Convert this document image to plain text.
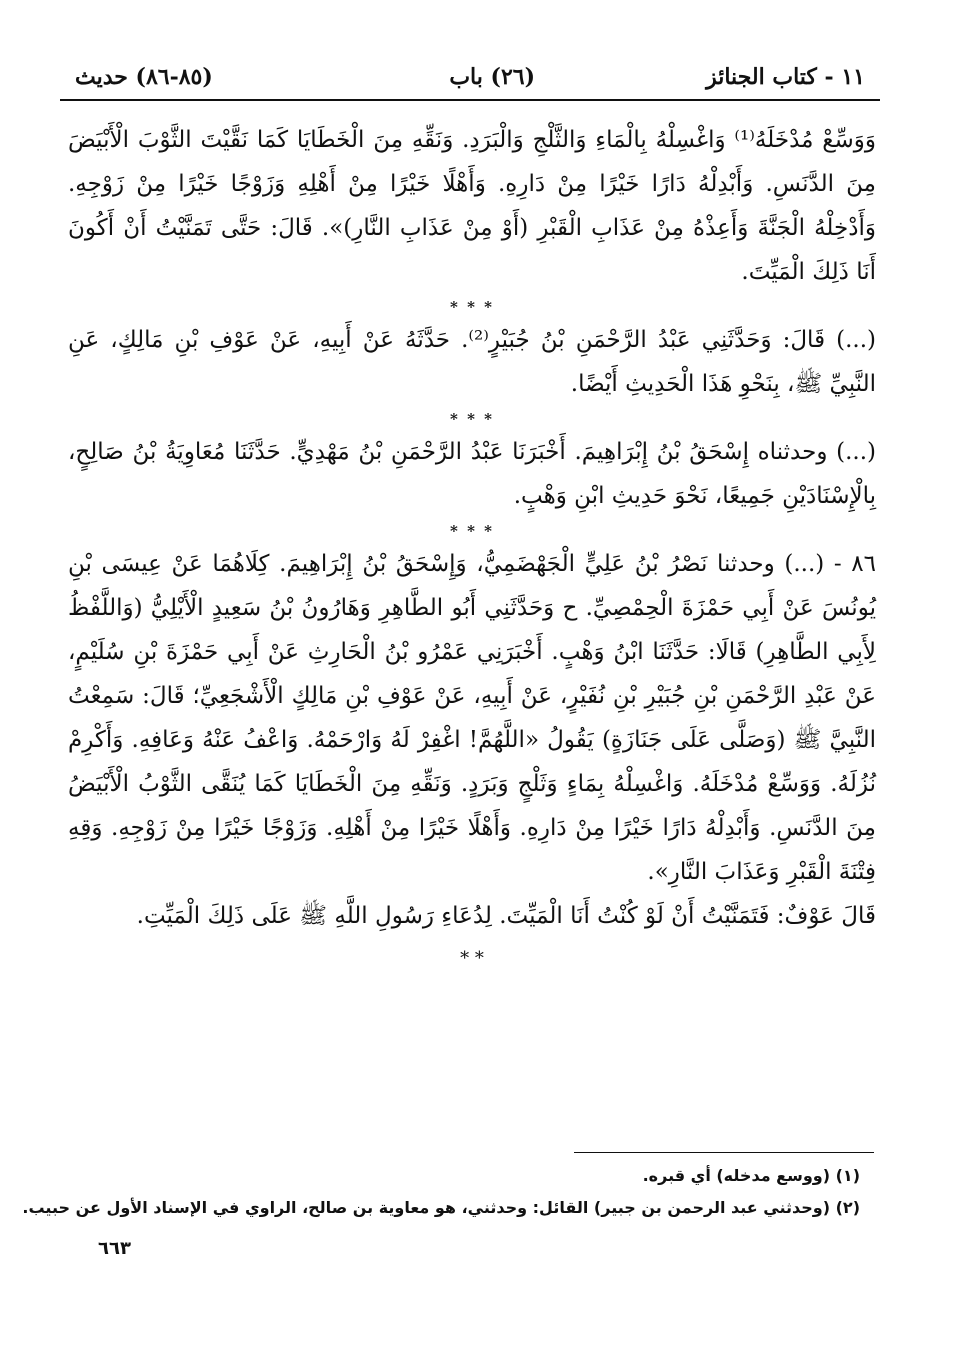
١١ - كتاب الجنائز
(٢٦) باب
(٨٥-٨٦) حديث

وَوَسِّعْ مُدْخَلَهُ⁽¹⁾ وَاغْسِلْهُ بِالْمَاءِ وَالثَّلْجِ وَالْبَرَدِ. وَنَقِّهِ مِنَ الْخَطَايَا كَمَا نَقَّيْتَ الثَّوْبَ الْأَبْيَضَ مِنَ الدَّنَسِ. وَأَبْدِلْهُ دَارًا خَيْرًا مِنْ دَارِهِ. وَأَهْلًا خَيْرًا مِنْ أَهْلِهِ وَزَوْجًا خَيْرًا مِنْ زَوْجِهِ. وَأَدْخِلْهُ الْجَنَّةَ وَأَعِذْهُ مِنْ عَذَابِ الْقَبْرِ (أَوْ مِنْ عَذَابِ النَّارِ)». قَالَ: حَتَّى تَمَنَّيْتُ أَنْ أَكُونَ أَنَا ذَلِكَ الْمَيِّتَ.

* * *

(...) قَالَ: وَحَدَّثَنِي عَبْدُ الرَّحْمَنِ بْنُ جُبَيْرٍ⁽²⁾. حَدَّثَهُ عَنْ أَبِيهِ، عَنْ عَوْفِ بْنِ مَالِكٍ، عَنِ النَّبِيِّ ﷺ، بِنَحْوِ هَذَا الْحَدِيثِ أَيْضًا.

* * *

(...) وحدثناه إِسْحَقُ بْنُ إِبْرَاهِيمَ. أَخْبَرَنَا عَبْدُ الرَّحْمَنِ بْنُ مَهْدِيٍّ. حَدَّثَنَا مُعَاوِيَةُ بْنُ صَالِحٍ، بِالْإِسْنَادَيْنِ جَمِيعًا، نَحْوَ حَدِيثِ ابْنِ وَهْبٍ.

* * *

٨٦ - (...) وحدثنا نَصْرُ بْنُ عَلِيٍّ الْجَهْضَمِيُّ، وَإِسْحَقُ بْنُ إِبْرَاهِيمَ. كِلَاهُمَا عَنْ عِيسَى بْنِ يُونُسَ عَنْ أَبِي حَمْزَةَ الْحِمْصِيِّ. ح وَحَدَّثَنِي أَبُو الطَّاهِرِ وَهَارُونُ بْنُ سَعِيدٍ الْأَيْلِيُّ (وَاللَّفْظُ لِأَبِي الطَّاهِرِ) قَالَا: حَدَّثَنَا ابْنُ وَهْبٍ. أَخْبَرَنِي عَمْرُو بْنُ الْحَارِثِ عَنْ أَبِي حَمْزَةَ بْنِ سُلَيْمٍ، عَنْ عَبْدِ الرَّحْمَنِ بْنِ جُبَيْرِ بْنِ نُفَيْرٍ، عَنْ أَبِيهِ، عَنْ عَوْفِ بْنِ مَالِكٍ الْأَشْجَعِيِّ؛ قَالَ: سَمِعْتُ النَّبِيَّ ﷺ (وَصَلَّى عَلَى جَنَازَةٍ) يَقُولُ «اللَّهُمَّ! اغْفِرْ لَهُ وَارْحَمْهُ. وَاعْفُ عَنْهُ وَعَافِهِ. وَأَكْرِمْ نُزُلَهُ. وَوَسِّعْ مُدْخَلَهُ. وَاغْسِلْهُ بِمَاءٍ وَثَلْجٍ وَبَرَدٍ. وَنَقِّهِ مِنَ الْخَطَايَا كَمَا يُنَقَّى الثَّوْبُ الْأَبْيَضُ مِنَ الدَّنَسِ. وَأَبْدِلْهُ دَارًا خَيْرًا مِنْ دَارِهِ. وَأَهْلًا خَيْرًا مِنْ أَهْلِهِ. وَزَوْجًا خَيْرًا مِنْ زَوْجِهِ. وَقِهِ فِتْنَةَ الْقَبْرِ وَعَذَابَ النَّارِ».

قَالَ عَوْفٌ: فَتَمَنَّيْتُ أَنْ لَوْ كُنْتُ أَنَا الْمَيِّتَ. لِدُعَاءِ رَسُولِ اللَّهِ ﷺ عَلَى ذَلِكَ الْمَيِّتِ.

* *
(١) (ووسع مدخله) أي قبره.
(٢) (وحدثني عبد الرحمن بن جبير) القائل: وحدثني، هو معاوية بن صالح، الراوي في الإسناد الأول عن حبيب.
٦٦٣
